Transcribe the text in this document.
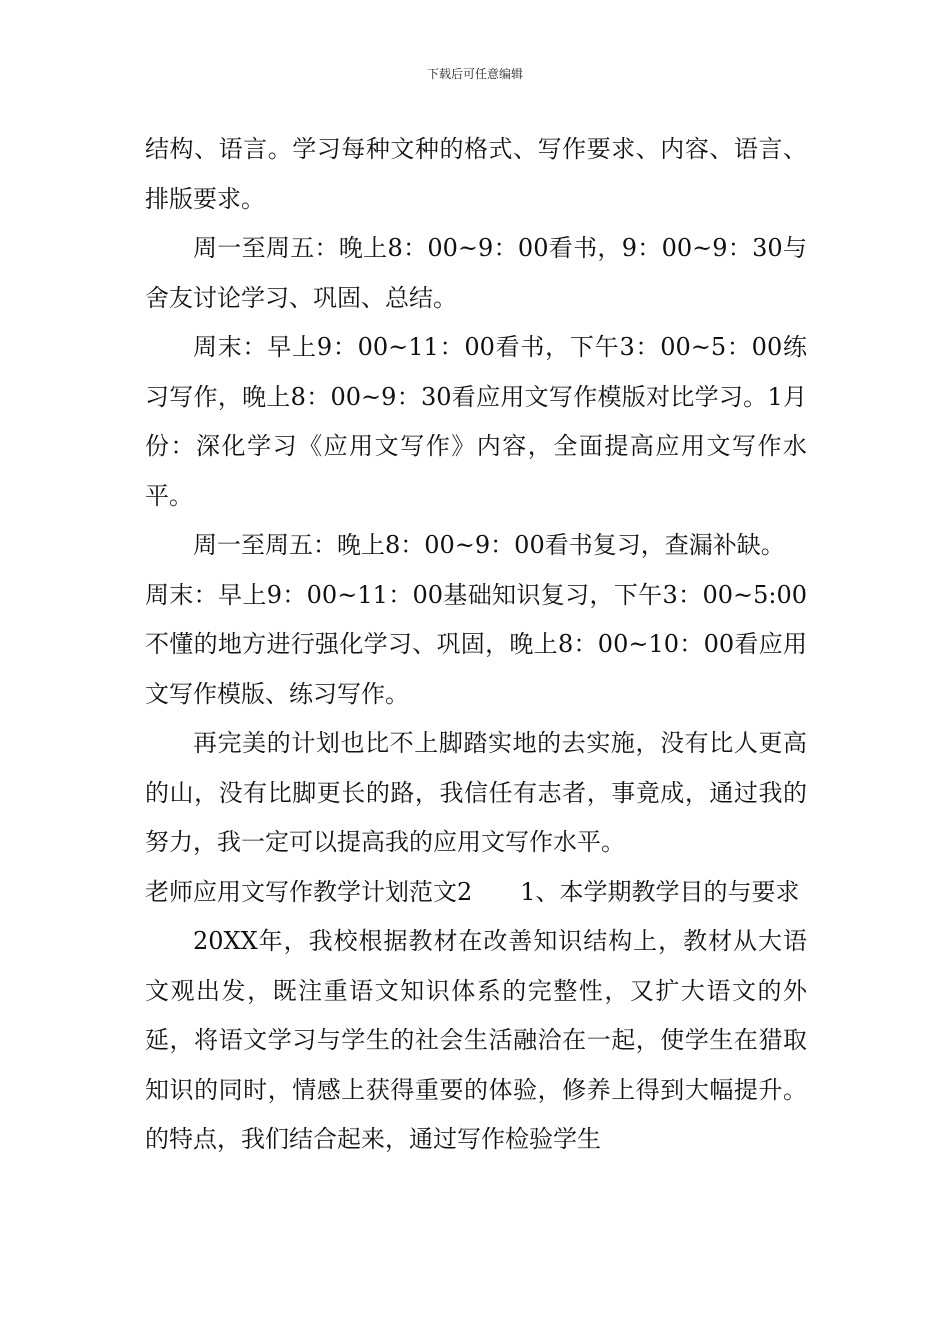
下载后可任意编辑

结构、语言。学习每种文种的格式、写作要求、内容、语言、排版要求。

周一至周五：晚上8：00~9：00看书，9：00~9：30与舍友讨论学习、巩固、总结。

周末：早上9：00~11：00看书，下午3：00~5：00练习写作，晚上8：00~9：30看应用文写作模版对比学习。1月份：深化学习《应用文写作》内容，全面提高应用文写作水平。

周一至周五：晚上8：00~9：00看书复习，查漏补缺。

周末：早上9：00~11：00基础知识复习，下午3：00~5:00不懂的地方进行强化学习、巩固，晚上8：00~10：00看应用文写作模版、练习写作。

再完美的计划也比不上脚踏实地的去实施，没有比人更高的山，没有比脚更长的路，我信任有志者，事竟成，通过我的努力，我一定可以提高我的应用文写作水平。

老师应用文写作教学计划范文2 1、本学期教学目的与要求

20XX年，我校根据教材在改善知识结构上，教材从大语文观出发，既注重语文知识体系的完整性，又扩大语文的外延，将语文学习与学生的社会生活融洽在一起，使学生在猎取知识的同时，情感上获得重要的体验，修养上得到大幅提升。的特点，我们结合起来，通过写作检验学生
